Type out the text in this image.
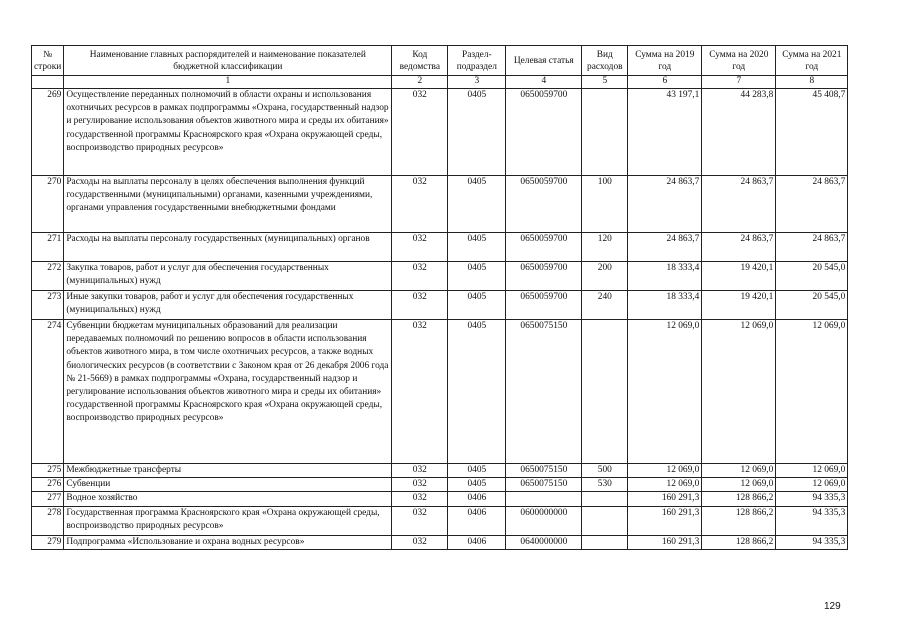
№ строки	Наименование главных распорядителей и наименование показателей бюджетной классификации	Код ведомства	Раздел-подраздел	Целевая статья	Вид расходов	Сумма на 2019 год	Сумма на 2020 год	Сумма на 2021 год
	1	2	3	4	5	6	7	8
269	Осуществление переданных полномочий в области охраны и использования охотничьих ресурсов в рамках подпрограммы «Охрана, государственный надзор и регулирование использования объектов животного мира и среды их обитания» государственной программы Красноярского края «Охрана окружающей среды, воспроизводство природных ресурсов»	032	0405	0650059700		43 197,1	44 283,8	45 408,7
270	Расходы на выплаты персоналу в целях обеспечения выполнения функций государственными (муниципальными) органами, казенными учреждениями, органами управления государственными внебюджетными фондами	032	0405	0650059700	100	24 863,7	24 863,7	24 863,7
271	Расходы на выплаты персоналу государственных (муниципальных) органов	032	0405	0650059700	120	24 863,7	24 863,7	24 863,7
272	Закупка товаров, работ и услуг для обеспечения государственных (муниципальных) нужд	032	0405	0650059700	200	18 333,4	19 420,1	20 545,0
273	Иные закупки товаров, работ и услуг для обеспечения государственных (муниципальных) нужд	032	0405	0650059700	240	18 333,4	19 420,1	20 545,0
274	Субвенции бюджетам муниципальных образований для реализации передаваемых полномочий по решению вопросов в области использования объектов животного мира, в том числе охотничьих ресурсов, а также водных биологических ресурсов (в соответствии с Законом края от 26 декабря 2006 года № 21-5669) в рамках подпрограммы «Охрана, государственный надзор и регулирование использования объектов животного мира и среды их обитания» государственной программы Красноярского края «Охрана окружающей среды, воспроизводство природных ресурсов»	032	0405	0650075150		12 069,0	12 069,0	12 069,0
275	Межбюджетные трансферты	032	0405	0650075150	500	12 069,0	12 069,0	12 069,0
276	Субвенции	032	0405	0650075150	530	12 069,0	12 069,0	12 069,0
277	Водное хозяйство	032	0406			160 291,3	128 866,2	94 335,3
278	Государственная программа Красноярского края «Охрана окружающей среды, воспроизводство природных ресурсов»	032	0406	0600000000		160 291,3	128 866,2	94 335,3
279	Подпрограмма «Использование и охрана водных ресурсов»	032	0406	0640000000		160 291,3	128 866,2	94 335,3
129
